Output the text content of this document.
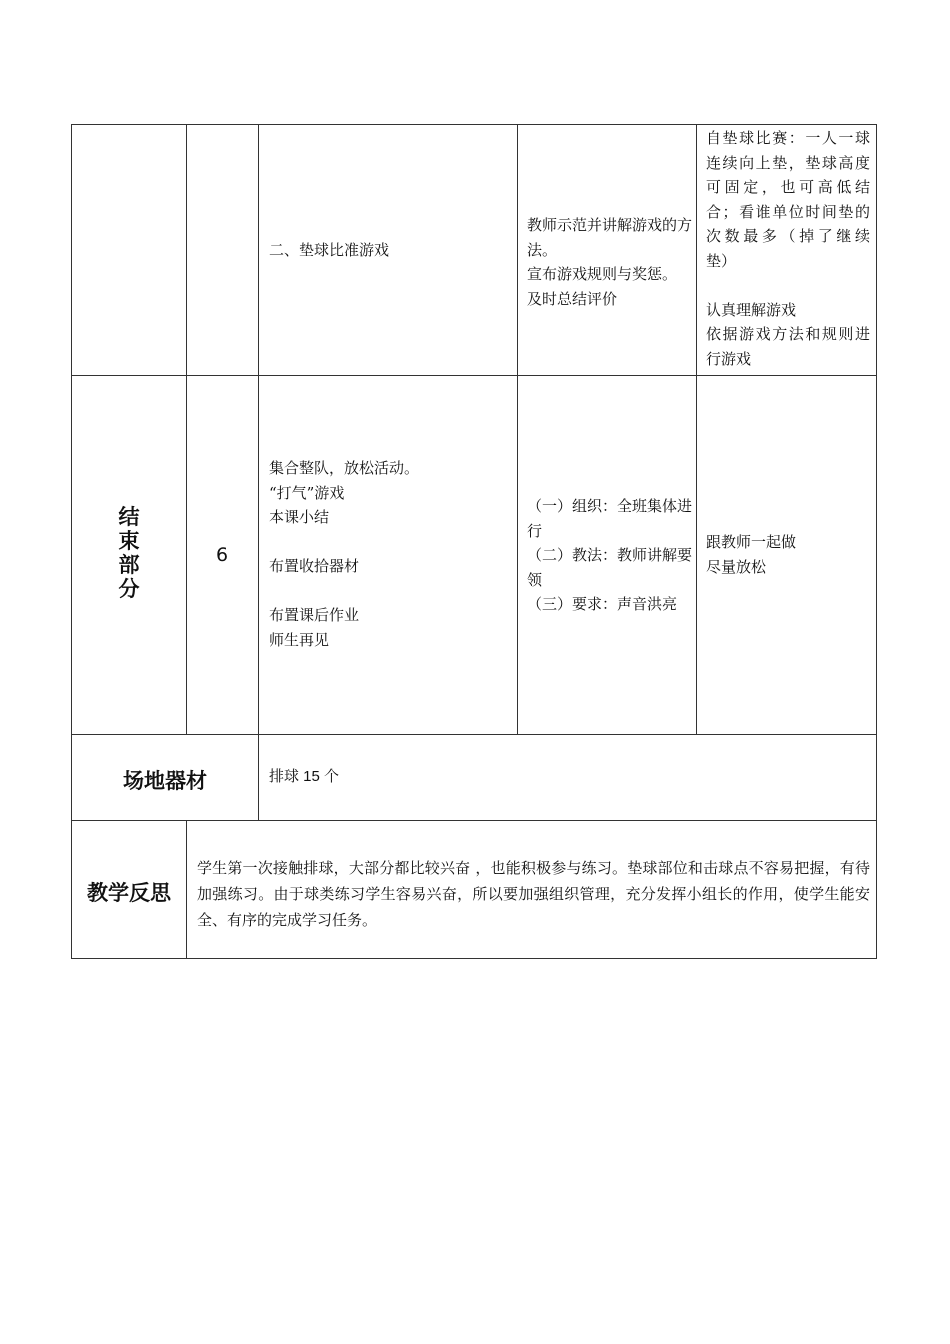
二、垫球比准游戏
教师示范并讲解游戏的方法。
宣布游戏规则与奖惩。
及时总结评价
自垫球比赛：一人一球连续向上垫，垫球高度可固定，也可高低结合；看谁单位时间垫的次数最多（掉了继续垫）

认真理解游戏
依据游戏方法和规则进行游戏
结
束
部
分
6
集合整队，放松活动。
“打气”游戏
本课小结

布置收拾器材

布置课后作业
师生再见
（一）组织：全班集体进行
（二）教法：教师讲解要领
（三）要求：声音洪亮
跟教师一起做
尽量放松
场地器材	排球 15 个
教学反思
学生第一次接触排球，大部分都比较兴奋 ，也能积极参与练习。垫球部位和击球点不容易把握，有待加强练习。由于球类练习学生容易兴奋，所以要加强组织管理，充分发挥小组长的作用，使学生能安全、有序的完成学习任务。
